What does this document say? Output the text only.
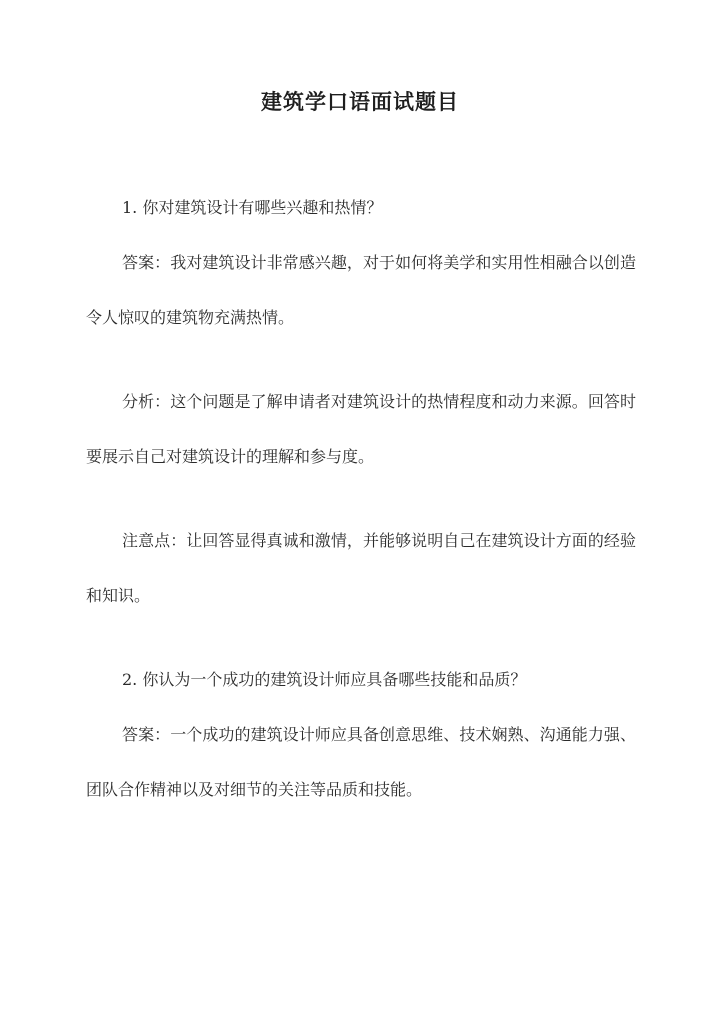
建筑学口语面试题目

1. 你对建筑设计有哪些兴趣和热情？

答案：我对建筑设计非常感兴趣，对于如何将美学和实用性相融合以创造令人惊叹的建筑物充满热情。

分析：这个问题是了解申请者对建筑设计的热情程度和动力来源。回答时要展示自己对建筑设计的理解和参与度。

注意点：让回答显得真诚和激情，并能够说明自己在建筑设计方面的经验和知识。

2. 你认为一个成功的建筑设计师应具备哪些技能和品质？

答案：一个成功的建筑设计师应具备创意思维、技术娴熟、沟通能力强、团队合作精神以及对细节的关注等品质和技能。
